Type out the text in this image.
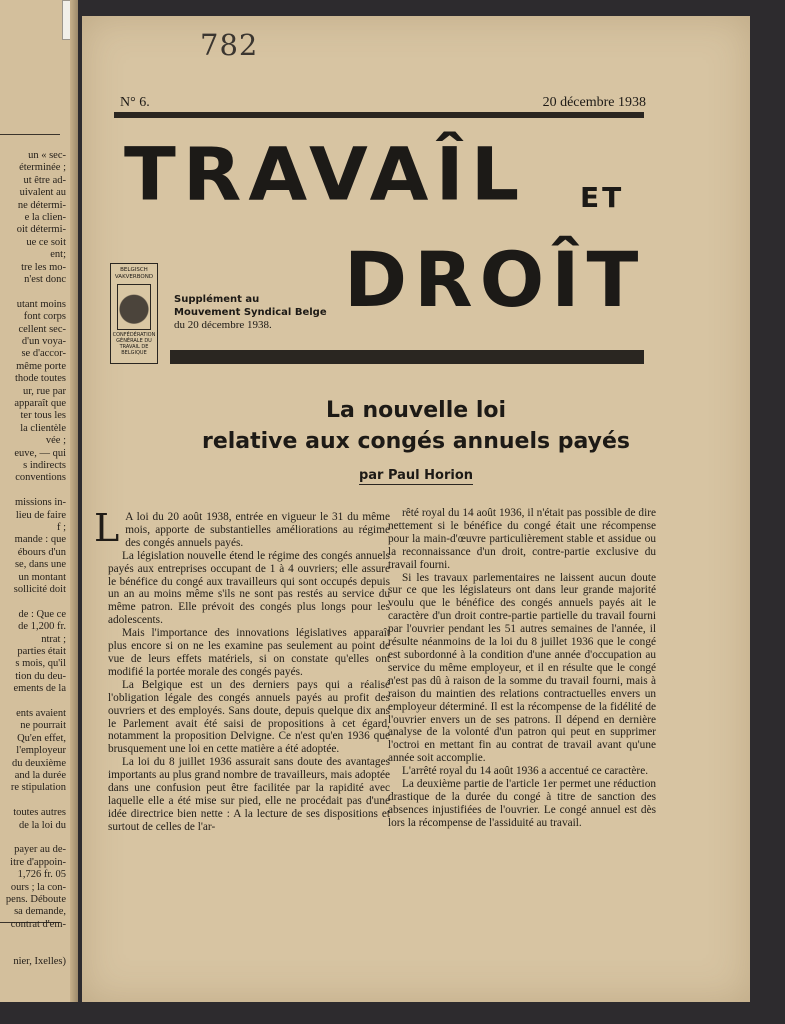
un « sec-
éterminée ;
ut être ad-
uivalent au
ne détermi-
e la clien-
oit détermi-
ue ce soit
ent;
tre les mo-
n'est donc
utant moins
font corps
cellent sec-
d'un voya-
se d'accor-
même porte
thode toutes
ur, rue par
apparaît que
ter tous les
la clientèle
vée ;
euve, — qui
s indirects
conventions
missions in-
lieu de faire
f ;
mande : que
ébours d'un
se, dans une
un montant
sollicité doit
de : Que ce
de 1,200 fr.
ntrat ;
parties était
s mois, qu'il
tion du deu-
ements de la
ents avaient
ne pourrait
Qu'en effet,
l'employeur
du deuxième
and la durée
re stipulation
toutes autres
de la loi du
payer au de-
itre d'appoin-
1,726 fr. 05
ours ; la con-
pens. Déboute
sa demande,
contrat d'em-
nier, Ixelles)
782
N° 6.	20 décembre 1938
TRAVAÎL ET
DROÎT
BELGISCH VAKVERBOND
CONFÉDÉRATION GÉNÉRALE DU TRAVAIL DE BELGIQUE
Supplément au
Mouvement Syndical Belge
du 20 décembre 1938.
La nouvelle loi
relative aux congés annuels payés
par Paul Horion

L A loi du 20 août 1938, entrée en vigueur le 31 du même mois, apporte de substantielles améliorations au régime des congés annuels payés.

La législation nouvelle étend le régime des congés annuels payés aux entreprises occupant de 1 à 4 ouvriers; elle assure le bénéfice du congé aux travailleurs qui sont occupés depuis un an au moins même s'ils ne sont pas restés au service du même patron. Elle prévoit des congés plus longs pour les adolescents.

Mais l'importance des innovations législatives apparaît plus encore si on ne les examine pas seulement au point de vue de leurs effets matériels, si on constate qu'elles ont modifié la portée morale des congés payés.

La Belgique est un des derniers pays qui a réalisé l'obligation légale des congés annuels payés au profit des ouvriers et des employés. Sans doute, depuis quelque dix ans le Parlement avait été saisi de propositions à cet égard, notamment la proposition Delvigne. Ce n'est qu'en 1936 que brusquement une loi en cette matière a été adoptée.

La loi du 8 juillet 1936 assurait sans doute des avantages importants au plus grand nombre de travailleurs, mais adoptée dans une confusion peut être facilitée par la rapidité avec laquelle elle a été mise sur pied, elle ne procédait pas d'une idée directrice bien nette : A la lecture de ses dispositions et surtout de celles de l'ar-

rêté royal du 14 août 1936, il n'était pas possible de dire nettement si le bénéfice du congé était une récompense pour la main-d'œuvre particulièrement stable et assidue ou la reconnaissance d'un droit, contre-partie exclusive du travail fourni.

Si les travaux parlementaires ne laissent aucun doute sur ce que les législateurs ont dans leur grande majorité voulu que le bénéfice des congés annuels payés ait le caractère d'un droit contre-partie partielle du travail fourni par l'ouvrier pendant les 51 autres semaines de l'année, il résulte néanmoins de la loi du 8 juillet 1936 que le congé est subordonné à la condition d'une année d'occupation au service du même employeur, et il en résulte que le congé n'est pas dû à raison de la somme du travail fourni, mais à raison du maintien des relations contractuelles envers un employeur déterminé. Il est la récompense de la fidélité de l'ouvrier envers un de ses patrons. Il dépend en dernière analyse de la volonté d'un patron qui peut en supprimer l'octroi en mettant fin au contrat de travail avant qu'une année soit accomplie.

L'arrêté royal du 14 août 1936 a accentué ce caractère.

La deuxième partie de l'article 1er permet une réduction drastique de la durée du congé à titre de sanction des absences injustifiées de l'ouvrier. Le congé annuel est dès lors la récompense de l'assiduité au travail.
